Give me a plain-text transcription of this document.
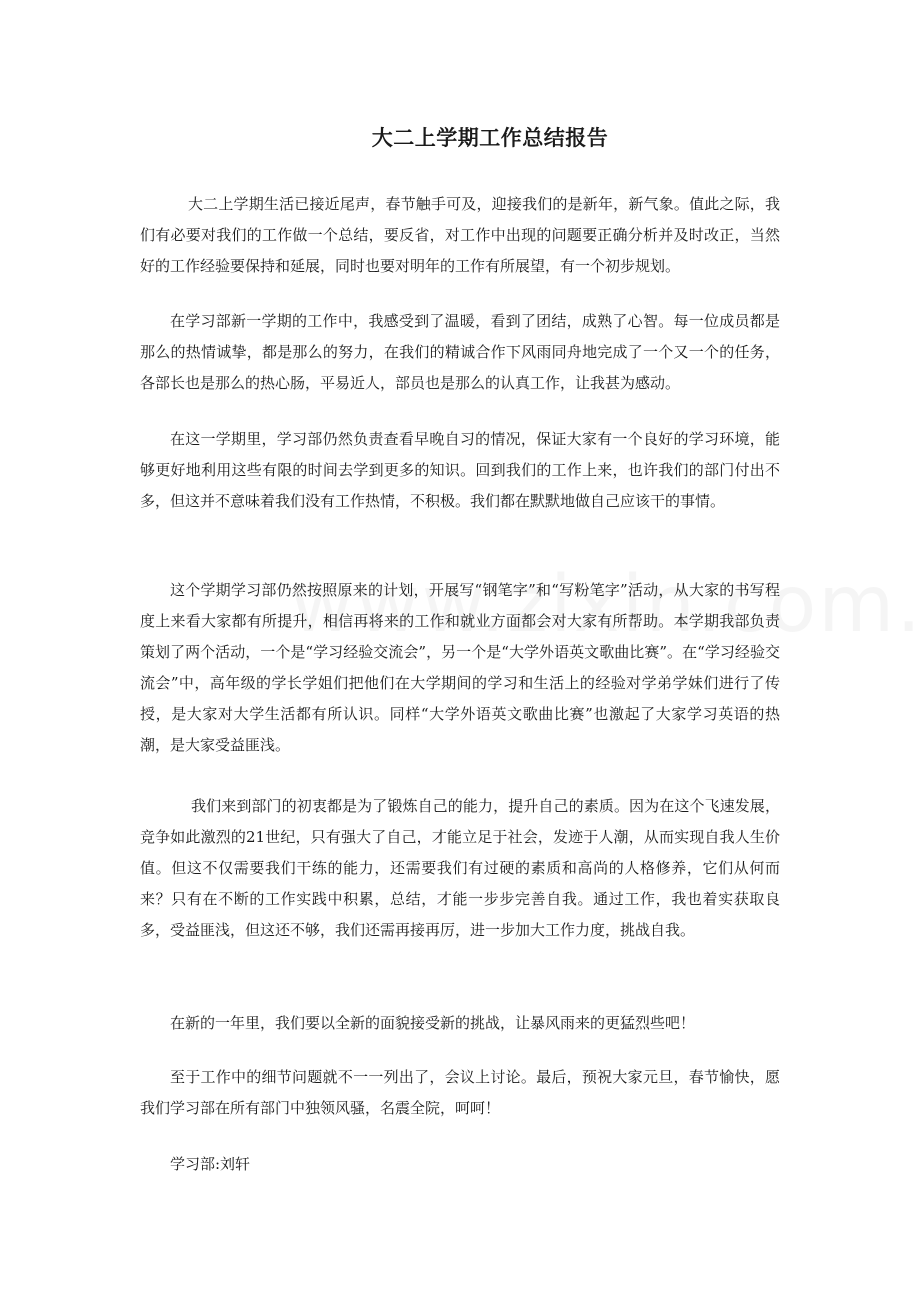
大二上学期工作总结报告

大二上学期生活已接近尾声，春节触手可及，迎接我们的是新年，新气象。值此之际，我们有必要对我们的工作做一个总结，要反省，对工作中出现的问题要正确分析并及时改正，当然好的工作经验要保持和延展，同时也要对明年的工作有所展望，有一个初步规划。

在学习部新一学期的工作中，我感受到了温暖，看到了团结，成熟了心智。每一位成员都是那么的热情诚挚，都是那么的努力，在我们的精诚合作下风雨同舟地完成了一个又一个的任务，各部长也是那么的热心肠，平易近人，部员也是那么的认真工作，让我甚为感动。

在这一学期里，学习部仍然负责查看早晚自习的情况，保证大家有一个良好的学习环境，能够更好地利用这些有限的时间去学到更多的知识。回到我们的工作上来，也许我们的部门付出不多，但这并不意味着我们没有工作热情，不积极。我们都在默默地做自己应该干的事情。

这个学期学习部仍然按照原来的计划，开展写“钢笔字”和“写粉笔字”活动，从大家的书写程度上来看大家都有所提升，相信再将来的工作和就业方面都会对大家有所帮助。本学期我部负责策划了两个活动，一个是“学习经验交流会”，另一个是“大学外语英文歌曲比赛”。在“学习经验交流会”中，高年级的学长学姐们把他们在大学期间的学习和生活上的经验对学弟学妹们进行了传授，是大家对大学生活都有所认识。同样“大学外语英文歌曲比赛”也激起了大家学习英语的热潮，是大家受益匪浅。

我们来到部门的初衷都是为了锻炼自己的能力，提升自己的素质。因为在这个飞速发展，竞争如此激烈的21世纪，只有强大了自己，才能立足于社会，发迹于人潮，从而实现自我人生价值。但这不仅需要我们干练的能力，还需要我们有过硬的素质和高尚的人格修养，它们从何而来？只有在不断的工作实践中积累，总结，才能一步步完善自我。通过工作，我也着实获取良多，受益匪浅，但这还不够，我们还需再接再厉，进一步加大工作力度，挑战自我。

在新的一年里，我们要以全新的面貌接受新的挑战，让暴风雨来的更猛烈些吧！

至于工作中的细节问题就不一一列出了，会议上讨论。最后，预祝大家元旦，春节愉快，愿我们学习部在所有部门中独领风骚，名震全院，呵呵！

学习部:刘轩
